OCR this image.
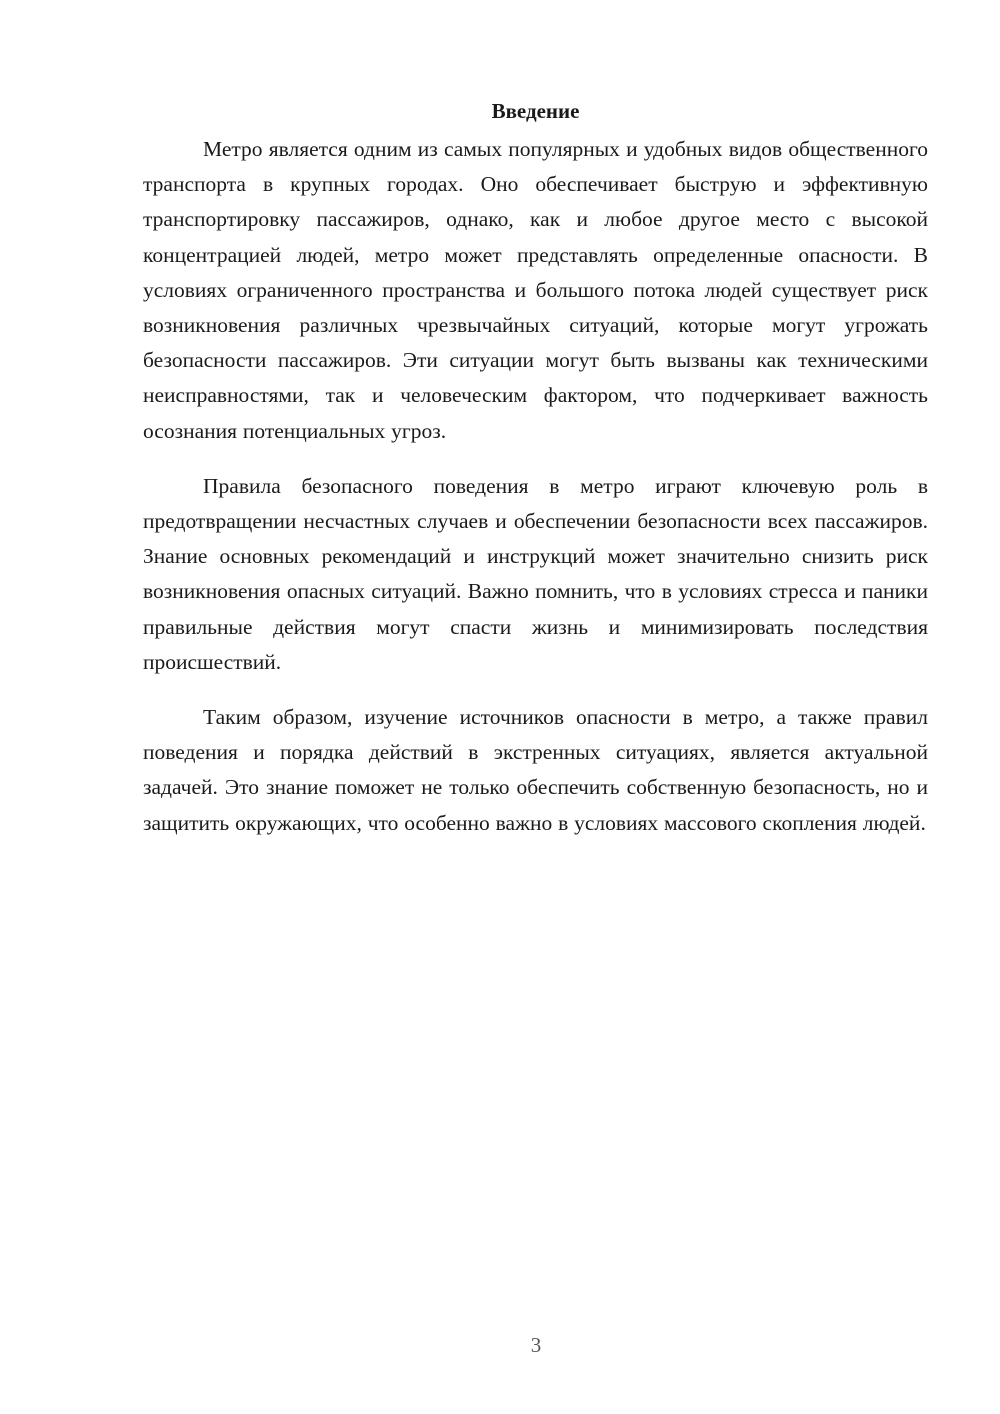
Введение

Метро является одним из самых популярных и удобных видов общественного транспорта в крупных городах. Оно обеспечивает быструю и эффективную транспортировку пассажиров, однако, как и любое другое место с высокой концентрацией людей, метро может представлять определенные опасности. В условиях ограниченного пространства и большого потока людей существует риск возникновения различных чрезвычайных ситуаций, которые могут угрожать безопасности пассажиров. Эти ситуации могут быть вызваны как техническими неисправностями, так и человеческим фактором, что подчеркивает важность осознания потенциальных угроз.

Правила безопасного поведения в метро играют ключевую роль в предотвращении несчастных случаев и обеспечении безопасности всех пассажиров. Знание основных рекомендаций и инструкций может значительно снизить риск возникновения опасных ситуаций. Важно помнить, что в условиях стресса и паники правильные действия могут спасти жизнь и минимизировать последствия происшествий.

Таким образом, изучение источников опасности в метро, а также правил поведения и порядка действий в экстренных ситуациях, является актуальной задачей. Это знание поможет не только обеспечить собственную безопасность, но и защитить окружающих, что особенно важно в условиях массового скопления людей.

3
